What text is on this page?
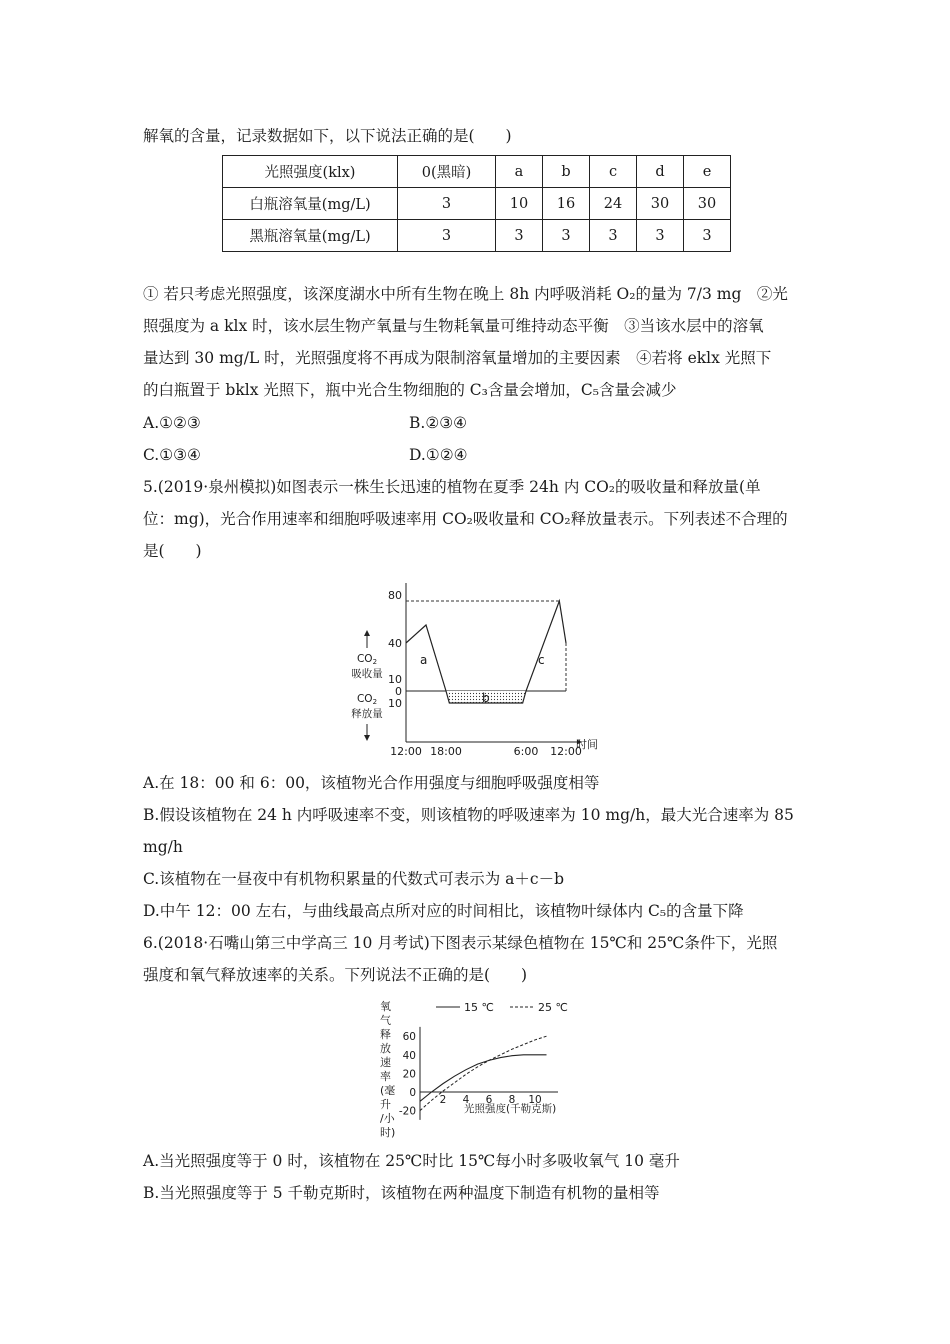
解氧的含量，记录数据如下，以下说法正确的是(　　)
光照强度(klx)	0(黑暗)	a	b	c	d	e
白瓶溶氧量(mg/L)	3	10	16	24	30	30
黑瓶溶氧量(mg/L)	3	3	3	3	3	3
① 若只考虑光照强度，该深度湖水中所有生物在晚上 8h 内呼吸消耗 O₂的量为 7/3 mg　②光
照强度为 a klx 时，该水层生物产氧量与生物耗氧量可维持动态平衡　③当该水层中的溶氧
量达到 30 mg/L 时，光照强度将不再成为限制溶氧量增加的主要因素　④若将 eklx 光照下
的白瓶置于 bklx 光照下，瓶中光合生物细胞的 C₃含量会增加，C₅含量会减少
A.①②③	B.②③④
C.①③④	D.①②④
5.(2019·泉州模拟)如图表示一株生长迅速的植物在夏季 24h 内 CO₂的吸收量和释放量(单
位：mg)，光合作用速率和细胞呼吸速率用 CO₂吸收量和 CO₂释放量表示。下列表述不合理的
是(　　)
80
40
10
0
10
CO2
吸收量
CO2
释放量
a
b
c
12:00 18:00	6:00 12:00
时间
A.在 18：00 和 6：00，该植物光合作用强度与细胞呼吸强度相等
B.假设该植物在 24 h 内呼吸速率不变，则该植物的呼吸速率为 10 mg/h，最大光合速率为 85
mg/h
C.该植物在一昼夜中有机物积累量的代数式可表示为 a＋c－b
D.中午 12：00 左右，与曲线最高点所对应的时间相比，该植物叶绿体内 C₅的含量下降
6.(2018·石嘴山第三中学高三 10 月考试)下图表示某绿色植物在 15℃和 25℃条件下，光照
强度和氧气释放速率的关系。下列说法不正确的是(　　)
氧
气
释
放
速
率
(毫
升
/小
时)
60
40
20
0
-20
2 4 6 8 10
光照强度(千勒克斯)
15 ℃	25 ℃
A.当光照强度等于 0 时，该植物在 25℃时比 15℃每小时多吸收氧气 10 毫升
B.当光照强度等于 5 千勒克斯时，该植物在两种温度下制造有机物的量相等
